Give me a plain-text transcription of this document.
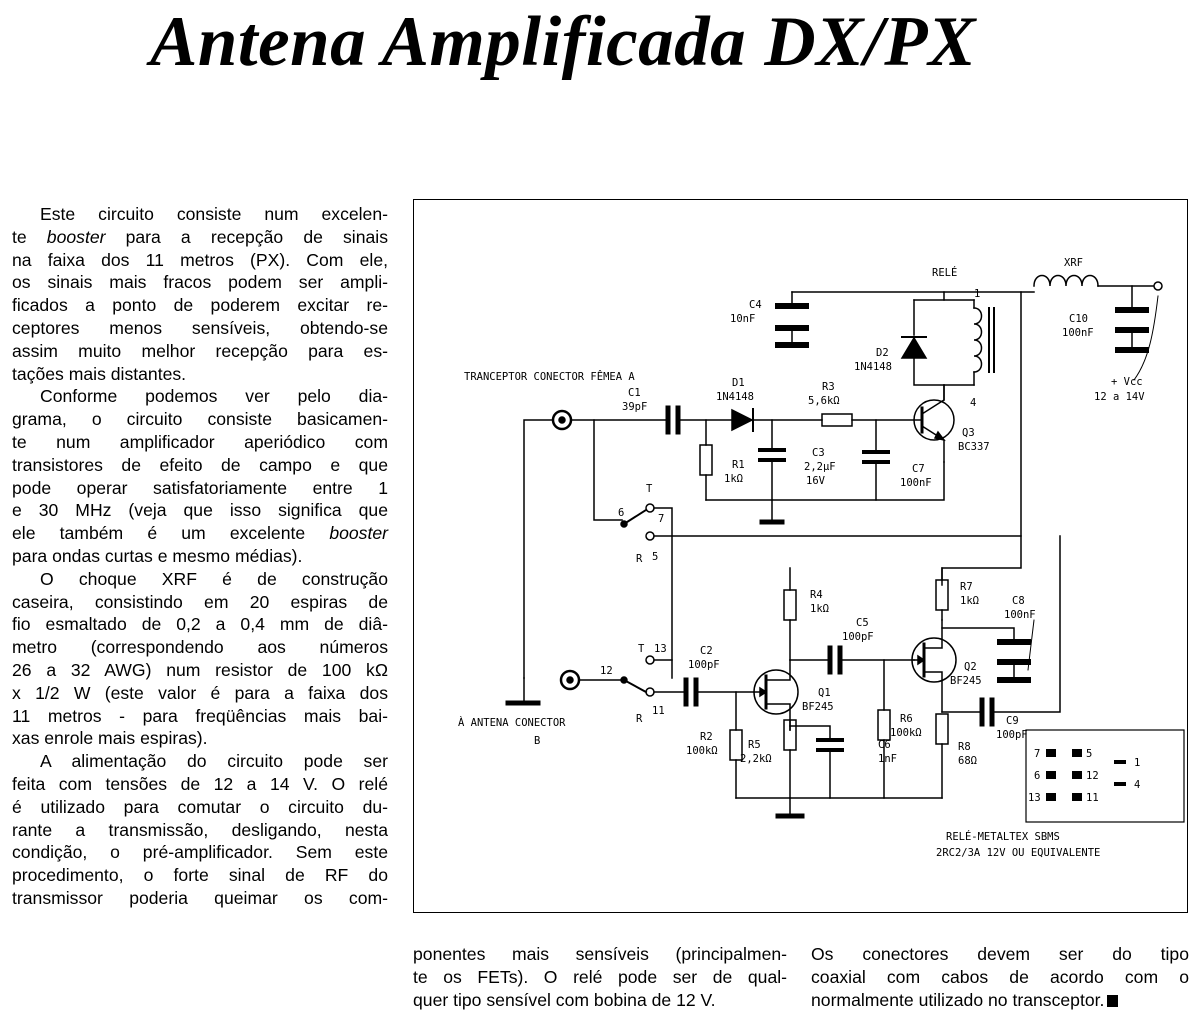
Antena Amplificada DX/PX

Este circuito consiste num excelen-

te booster para a recepção de sinais

na faixa dos 11 metros (PX). Com ele,

os sinais mais fracos podem ser ampli-

ficados a ponto de poderem excitar re-

ceptores menos sensíveis, obtendo-se

assim muito melhor recepção para es-

tações mais distantes.

Conforme podemos ver pelo dia-

grama, o circuito consiste basicamen-

te num amplificador aperiódico com

transistores de efeito de campo e que

pode operar satisfatoriamente entre 1

e 30 MHz (veja que isso significa que

ele também é um excelente booster

para ondas curtas e mesmo médias).

O choque XRF é de construção

caseira, consistindo em 20 espiras de

fio esmaltado de 0,2 a 0,4 mm de diâ-

metro (correspondendo aos números

26 a 32 AWG) num resistor de 100 kΩ

x 1/2 W (este valor é para a faixa dos

11 metros - para freqüências mais bai-

xas enrole mais espiras).

A alimentação do circuito pode ser

feita com tensões de 12 a 14 V. O relé

é utilizado para comutar o circuito du-

rante a transmissão, desligando, nesta

condição, o pré-amplificador. Sem este

procedimento, o forte sinal de RF do

transmissor poderia queimar os com-

ponentes mais sensíveis (principalmen-

te os FETs). O relé pode ser de qual-

quer tipo sensível com bobina de 12 V.

Os conectores devem ser do tipo

coaxial com cabos de acordo com o

normalmente utilizado no transceptor.

RELÉ
XRF
C4
10nF	C10
100nF
D2
1N4148
1
4
+ Vcc
12 a 14V
TRANCEPTOR CONECTOR FÊMEA A
C1
39pF
D1
1N4148
R3
5,6kΩ
Q3
BC337
R1
1kΩ
C3
2,2µF
16V
C7
100nF
T
6	7
R 5
R4
1kΩ
R7
1kΩ	C8
100nF
C5
100pF
Q2
BF245
T 13	C2
100pF
12
R
11
Q1
BF245
À ANTENA CONECTOR
B	R2
100kΩ
R6
100kΩ
C9
100pF
R5
2,2kΩ
C6
1nF
R8
68Ω
7	5
6	12
13	11
1
4
RELÉ-METALTEX SBMS
2RC2/3A 12V OU EQUIVALENTE
